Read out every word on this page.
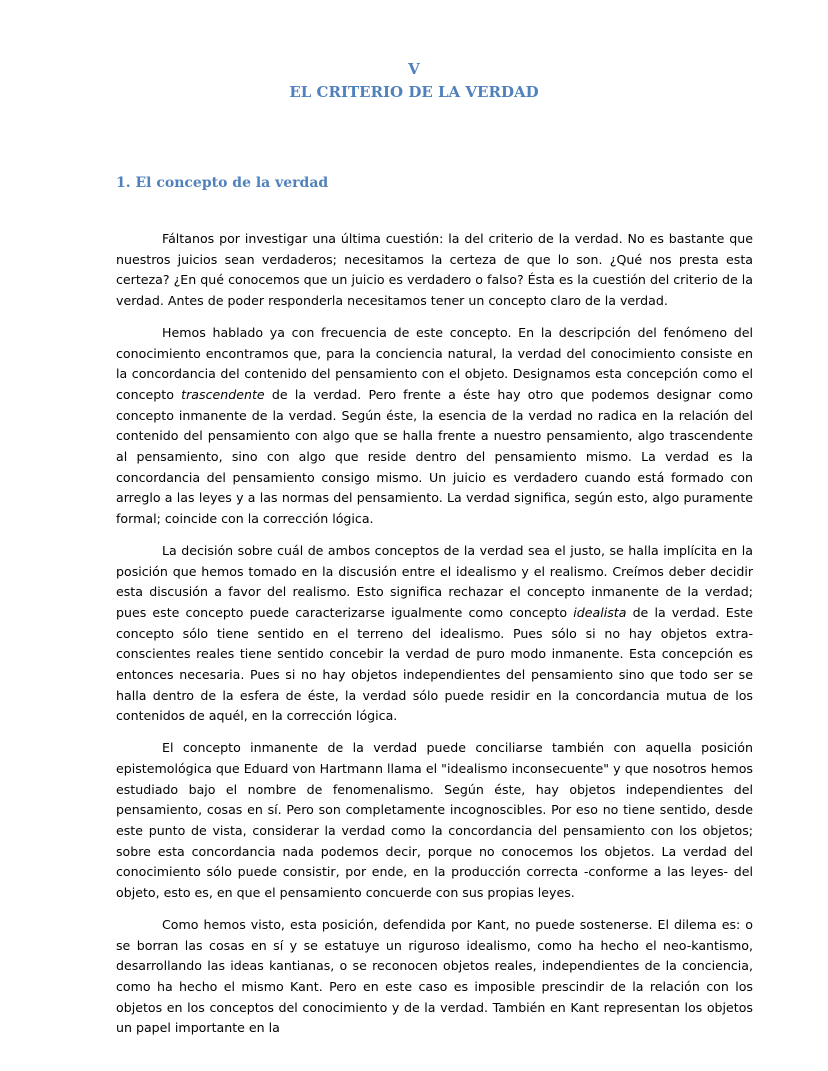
V
EL CRITERIO DE LA VERDAD
1. El concepto de la verdad

Fáltanos por investigar una última cuestión: la del criterio de la verdad. No es bastante que nuestros juicios sean verdaderos; necesitamos la certeza de que lo son. ¿Qué nos presta esta certeza? ¿En qué conocemos que un juicio es verdadero o falso? Ésta es la cuestión del criterio de la verdad. Antes de poder responderla necesitamos tener un concepto claro de la verdad.

Hemos hablado ya con frecuencia de este concepto. En la descripción del fenómeno del conocimiento encontramos que, para la conciencia natural, la verdad del conocimiento consiste en la concordancia del contenido del pensamiento con el objeto. Designamos esta concepción como el concepto trascendente de la verdad. Pero frente a éste hay otro que podemos designar como concepto inmanente de la verdad. Según éste, la esencia de la verdad no radica en la relación del contenido del pensamiento con algo que se halla frente a nuestro pensamiento, algo trascendente al pensamiento, sino con algo que reside dentro del pensamiento mismo. La verdad es la concordancia del pensamiento consigo mismo. Un juicio es verdadero cuando está formado con arreglo a las leyes y a las normas del pensamiento. La verdad significa, según esto, algo puramente formal; coincide con la corrección lógica.

La decisión sobre cuál de ambos conceptos de la verdad sea el justo, se halla implícita en la posición que hemos tomado en la discusión entre el idealismo y el realismo. Creímos deber decidir esta discusión a favor del realismo. Esto significa rechazar el concepto inmanente de la verdad; pues este concepto puede caracterizarse igualmente como concepto idealista de la verdad. Este concepto sólo tiene sentido en el terreno del idealismo. Pues sólo si no hay objetos extra-conscientes reales tiene sentido concebir la verdad de puro modo inmanente. Esta concepción es entonces necesaria. Pues si no hay objetos independientes del pensamiento sino que todo ser se halla dentro de la esfera de éste, la verdad sólo puede residir en la concordancia mutua de los contenidos de aquél, en la corrección lógica.

El concepto inmanente de la verdad puede conciliarse también con aquella posición epistemológica que Eduard von Hartmann llama el "idealismo inconsecuente" y que nosotros hemos estudiado bajo el nombre de fenomenalismo. Según éste, hay objetos independientes del pensamiento, cosas en sí. Pero son completamente incognoscibles. Por eso no tiene sentido, desde este punto de vista, considerar la verdad como la concordancia del pensamiento con los objetos; sobre esta concordancia nada podemos decir, porque no conocemos los objetos. La verdad del conocimiento sólo puede consistir, por ende, en la producción correcta -conforme a las leyes- del objeto, esto es, en que el pensamiento concuerde con sus propias leyes.

Como hemos visto, esta posición, defendida por Kant, no puede sostenerse. El dilema es: o se borran las cosas en sí y se estatuye un riguroso idealismo, como ha hecho el neo-kantismo, desarrollando las ideas kantianas, o se reconocen objetos reales, independientes de la conciencia, como ha hecho el mismo Kant. Pero en este caso es imposible prescindir de la relación con los objetos en los conceptos del conocimiento y de la verdad. También en Kant representan los objetos un papel importante en la
